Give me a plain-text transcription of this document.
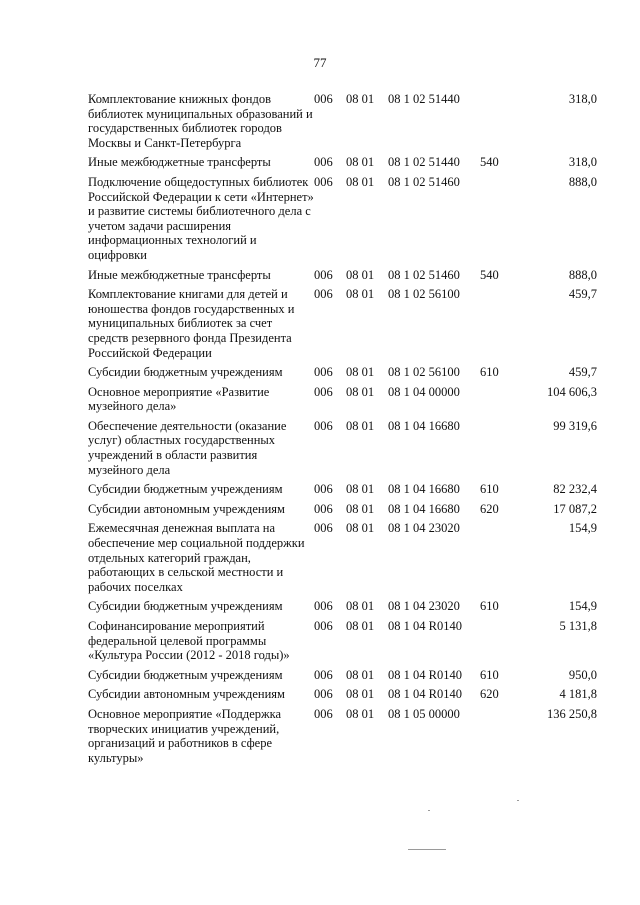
77
Комплектование книжных фондов библиотек муниципальных образований и государственных библиотек городов Москвы и Санкт-Петербурга	006	08 01	08 1 02 51440		318,0
Иные межбюджетные трансферты	006	08 01	08 1 02 51440	540	318,0
Подключение общедоступных библиотек Российской Федерации к сети «Интернет» и развитие системы библиотечного дела с учетом задачи расширения информационных технологий и оцифровки	006	08 01	08 1 02 51460		888,0
Иные межбюджетные трансферты	006	08 01	08 1 02 51460	540	888,0
Комплектование книгами для детей и юношества фондов государственных и муниципальных библиотек за счет средств резервного фонда Президента Российской Федерации	006	08 01	08 1 02 56100		459,7
Субсидии бюджетным учреждениям	006	08 01	08 1 02 56100	610	459,7
Основное мероприятие «Развитие музейного дела»	006	08 01	08 1 04 00000		104 606,3
Обеспечение деятельности (оказание услуг) областных государственных учреждений в области развития музейного дела	006	08 01	08 1 04 16680		99 319,6
Субсидии бюджетным учреждениям	006	08 01	08 1 04 16680	610	82 232,4
Субсидии автономным учреждениям	006	08 01	08 1 04 16680	620	17 087,2
Ежемесячная денежная выплата на обеспечение мер социальной поддержки отдельных категорий граждан, работающих в сельской местности и рабочих поселках	006	08 01	08 1 04 23020		154,9
Субсидии бюджетным учреждениям	006	08 01	08 1 04 23020	610	154,9
Софинансирование мероприятий федеральной целевой программы «Культура России (2012 - 2018 годы)»	006	08 01	08 1 04 R0140		5 131,8
Субсидии бюджетным учреждениям	006	08 01	08 1 04 R0140	610	950,0
Субсидии автономным учреждениям	006	08 01	08 1 04 R0140	620	4 181,8
Основное мероприятие «Поддержка творческих инициатив учреждений, организаций и работников в сфере культуры»	006	08 01	08 1 05 00000		136 250,8
